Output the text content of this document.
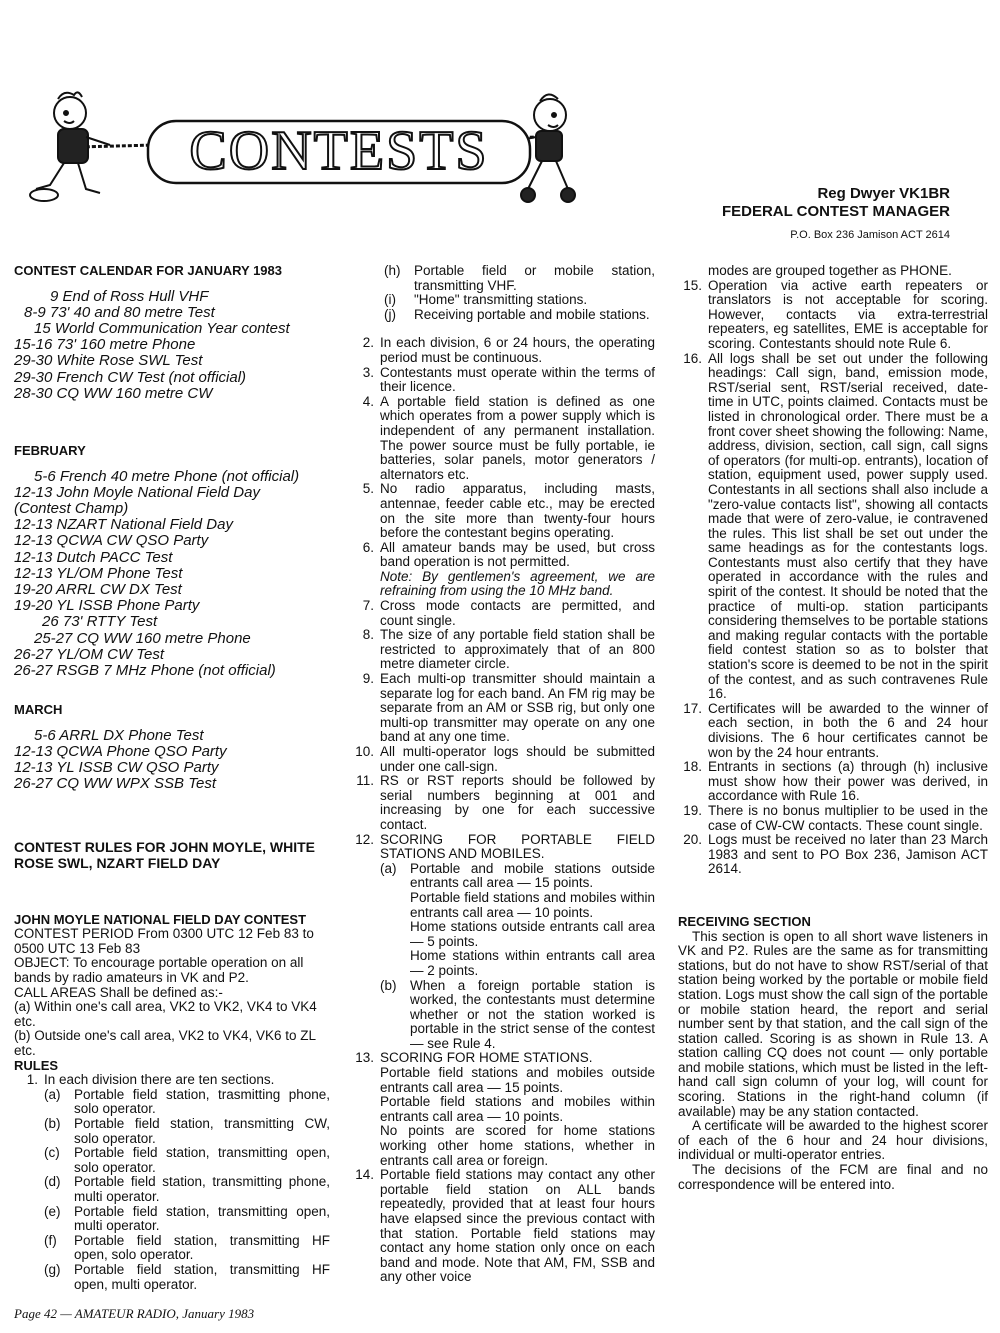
CONTESTS
Reg Dwyer VK1BR
FEDERAL CONTEST MANAGER
P.O. Box 236 Jamison ACT 2614
CONTEST CALENDAR FOR JANUARY 1983
9 End of Ross Hull VHF
8-9 73' 40 and 80 metre Test
15 World Communication Year contest
15-16 73' 160 metre Phone
29-30 White Rose SWL Test
29-30 French CW Test (not official)
28-30 CQ WW 160 metre CW
FEBRUARY
5-6 French 40 metre Phone (not official)
12-13 John Moyle National Field Day
(Contest Champ)
12-13 NZART National Field Day
12-13 QCWA CW QSO Party
12-13 Dutch PACC Test
12-13 YL/OM Phone Test
19-20 ARRL CW DX Test
19-20 YL ISSB Phone Party
26 73' RTTY Test
25-27 CQ WW 160 metre Phone
26-27 YL/OM CW Test
26-27 RSGB 7 MHz Phone (not official)
MARCH
5-6 ARRL DX Phone Test
12-13 QCWA Phone QSO Party
12-13 YL ISSB CW QSO Party
26-27 CQ WW WPX SSB Test
CONTEST RULES FOR JOHN MOYLE, WHITE ROSE SWL, NZART FIELD DAY
JOHN MOYLE NATIONAL FIELD DAY CONTEST
CONTEST PERIOD From 0300 UTC 12 Feb 83 to 0500 UTC 13 Feb 83
OBJECT: To encourage portable operation on all bands by radio amateurs in VK and P2.
CALL AREAS Shall be defined as:-
(a) Within one's call area, VK2 to VK2, VK4 to VK4 etc.
(b) Outside one's call area, VK2 to VK4, VK6 to ZL etc.
RULES
1. In each division there are ten sections.
(a)	Portable field station, trasmitting phone, solo operator.
(b)	Portable field station, transmitting CW, solo operator.
(c)	Portable field station, transmitting open, solo operator.
(d)	Portable field station, transmitting phone, multi operator.
(e)	Portable field station, transmitting open, multi operator.
(f)	Portable field station, transmitting HF open, solo operator.
(g)	Portable field station, transmitting HF open, multi operator.
(h)	Portable field or mobile station, transmitting VHF.
(i)	"Home" transmitting stations.
(j)	Receiving portable and mobile stations.
2. In each division, 6 or 24 hours, the operating period must be continuous.
3. Contestants must operate within the terms of their licence.
4. A portable field station is defined as one which operates from a power supply which is independent of any permanent installation. The power source must be fully portable, ie batteries, solar panels, motor generators / alternators etc.
5. No radio apparatus, including masts, antennae, feeder cable etc., may be erected on the site more than twenty-four hours before the contestant begins operating.
6. All amateur bands may be used, but cross band operation is not permitted.
Note: By gentlemen's agreement, we are refraining from using the 10 MHz band.
7. Cross mode contacts are permitted, and count single.
8. The size of any portable field station shall be restricted to approximately that of an 800 metre diameter circle.
9. Each multi-op transmitter should maintain a separate log for each band. An FM rig may be separate from an AM or SSB rig, but only one multi-op transmitter may operate on any one band at any one time.
10. All multi-operator logs should be submitted under one call-sign.
11. RS or RST reports should be followed by serial numbers beginning at 001 and increasing by one for each successive contact.
12. SCORING FOR PORTABLE FIELD STATIONS AND MOBILES.
(a)	Portable and mobile stations outside entrants call area — 15 points.
Portable field stations and mobiles within entrants call area — 10 points.
Home stations outside entrants call area — 5 points.
Home stations within entrants call area — 2 points.
(b)	When a foreign portable station is worked, the contestants must determine whether or not the station worked is portable in the strict sense of the contest — see Rule 4.
13. SCORING FOR HOME STATIONS.
Portable field stations and mobiles outside entrants call area — 15 points.
Portable field stations and mobiles within entrants call area — 10 points.
No points are scored for home stations working other home stations, whether in entrants call area or foreign.
14. Portable field stations may contact any other portable field station on ALL bands repeatedly, provided that at least four hours have elapsed since the previous contact with that station. Portable field stations may contact any home station only once on each band and mode. Note that AM, FM, SSB and any other voice
modes are grouped together as PHONE.
15. Operation via active earth repeaters or translators is not acceptable for scoring. However, contacts via extra-terrestrial repeaters, eg satellites, EME is acceptable for scoring. Contestants should note Rule 6.
16. All logs shall be set out under the following headings: Call sign, band, emission mode, RST/serial sent, RST/serial received, date-time in UTC, points claimed. Contacts must be listed in chronological order. There must be a front cover sheet showing the following: Name, address, division, section, call sign, call signs of operators (for multi-op. entrants), location of station, equipment used, power supply used. Contestants in all sections shall also include a "zero-value contacts list", showing all contacts made that were of zero-value, ie contravened the rules. This list shall be set out under the same headings as for the contestants logs. Contestants must also certify that they have operated in accordance with the rules and spirit of the contest. It should be noted that the practice of multi-op. station participants considering themselves to be portable stations and making regular contacts with the portable field contest station so as to bolster that station's score is deemed to be not in the spirit of the contest, and as such contravenes Rule 16.
17. Certificates will be awarded to the winner of each section, in both the 6 and 24 hour divisions. The 6 hour certificates cannot be won by the 24 hour entrants.
18. Entrants in sections (a) through (h) inclusive must show how their power was derived, in accordance with Rule 16.
19. There is no bonus multiplier to be used in the case of CW-CW contacts. These count single.
20. Logs must be received no later than 23 March 1983 and sent to PO Box 236, Jamison ACT 2614.
RECEIVING SECTION
This section is open to all short wave listeners in VK and P2. Rules are the same as for transmitting stations, but do not have to show RST/serial of that station being worked by the portable or mobile field station. Logs must show the call sign of the portable or mobile station heard, the report and serial number sent by that station, and the call sign of the station called. Scoring is as shown in Rule 13. A station calling CQ does not count — only portable and mobile stations, which must be listed in the left-hand call sign column of your log, will count for scoring. Stations in the right-hand column (if available) may be any station contacted.
A certificate will be awarded to the highest scorer of each of the 6 hour and 24 hour divisions, individual or multi-operator entries.
The decisions of the FCM are final and no correspondence will be entered into.
Page 42 — AMATEUR RADIO, January 1983
